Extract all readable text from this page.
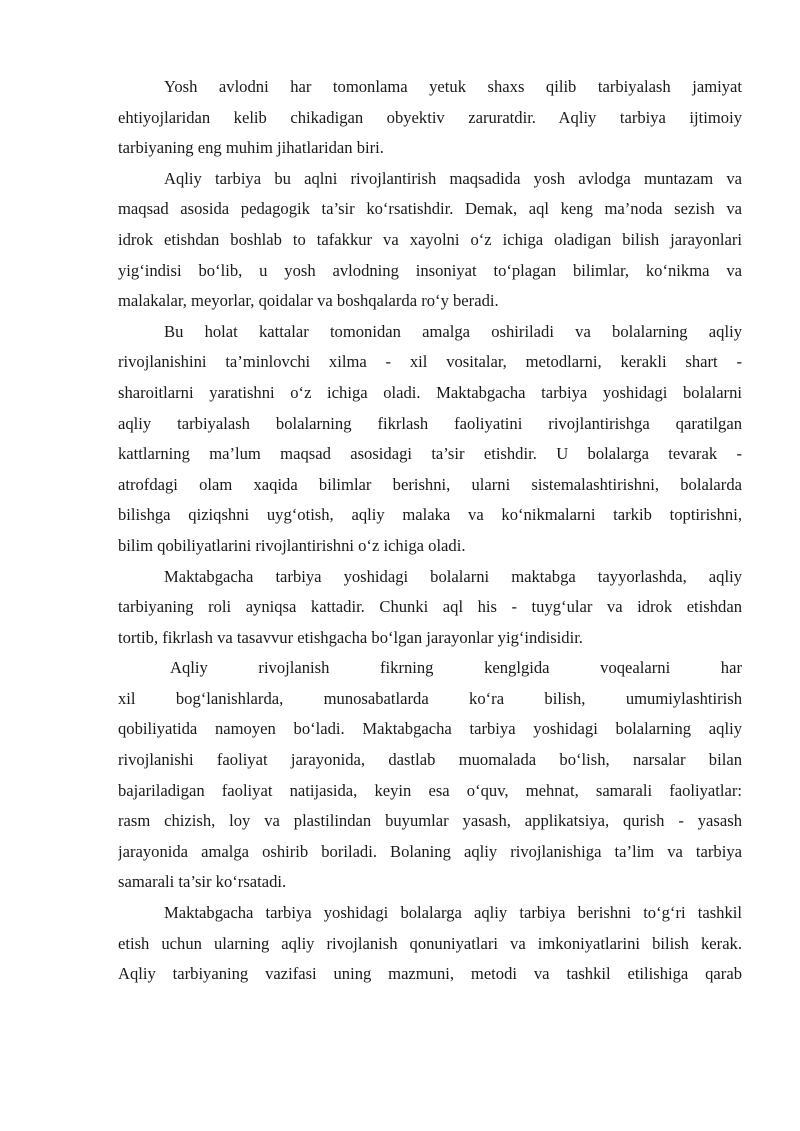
Yosh avlodni har tomonlama yetuk shaxs qilib tarbiyalash jamiyat
ehtiyojlaridan kelib chikadigan obyektiv zaruratdir. Aqliy tarbiya ijtimoiy
tarbiyaning eng muhim jihatlaridan biri.
Aqliy tarbiya bu aqlni rivojlantirish maqsadida yosh avlodga muntazam va
maqsad asosida pedagogik ta’sir ko‘rsatishdir. Demak, aql keng ma’noda sezish va
idrok etishdan boshlab to tafakkur va xayolni o‘z ichiga oladigan bilish jarayonlari
yig‘indisi bo‘lib, u yosh avlodning insoniyat to‘plagan bilimlar, ko‘nikma va
malakalar, meyorlar, qoidalar va boshqalarda ro‘y beradi.
Bu holat kattalar tomonidan amalga oshiriladi va bolalarning aqliy
rivojlanishini ta’minlovchi xilma - xil vositalar, metodlarni, kerakli shart -
sharoitlarni yaratishni o‘z ichiga oladi. Maktabgacha tarbiya yoshidagi bolalarni
aqliy tarbiyalash bolalarning fikrlash faoliyatini rivojlantirishga qaratilgan
kattlarning ma’lum maqsad asosidagi ta’sir etishdir. U bolalarga tevarak -
atrofdagi olam xaqida bilimlar berishni, ularni sistemalashtirishni, bolalarda
bilishga qiziqshni uyg‘otish, aqliy malaka va ko‘nikmalarni tarkib toptirishni,
bilim qobiliyatlarini rivojlantirishni o‘z ichiga oladi.
Maktabgacha tarbiya yoshidagi bolalarni maktabga tayyorlashda, aqliy
tarbiyaning roli ayniqsa kattadir. Chunki aql his - tuyg‘ular va idrok etishdan
tortib, fikrlash va tasavvur etishgacha bo‘lgan jarayonlar yig‘indisidir.
Aqliy rivojlanish fikrning kenglgida voqealarni har
xil bog‘lanishlarda, munosabatlarda ko‘ra bilish, umumiylashtirish
qobiliyatida namoyen bo‘ladi. Maktabgacha tarbiya yoshidagi bolalarning aqliy
rivojlanishi faoliyat jarayonida, dastlab muomalada bo‘lish, narsalar bilan
bajariladigan faoliyat natijasida, keyin esa o‘quv, mehnat, samarali faoliyatlar:
rasm chizish, loy va plastilindan buyumlar yasash, applikatsiya, qurish - yasash
jarayonida amalga oshirib boriladi. Bolaning aqliy rivojlanishiga ta’lim va tarbiya
samarali ta’sir ko‘rsatadi.
Maktabgacha tarbiya yoshidagi bolalarga aqliy tarbiya berishni to‘g‘ri tashkil
etish uchun ularning aqliy rivojlanish qonuniyatlari va imkoniyatlarini bilish kerak.
Aqliy tarbiyaning vazifasi uning mazmuni, metodi va tashkil etilishiga qarab
